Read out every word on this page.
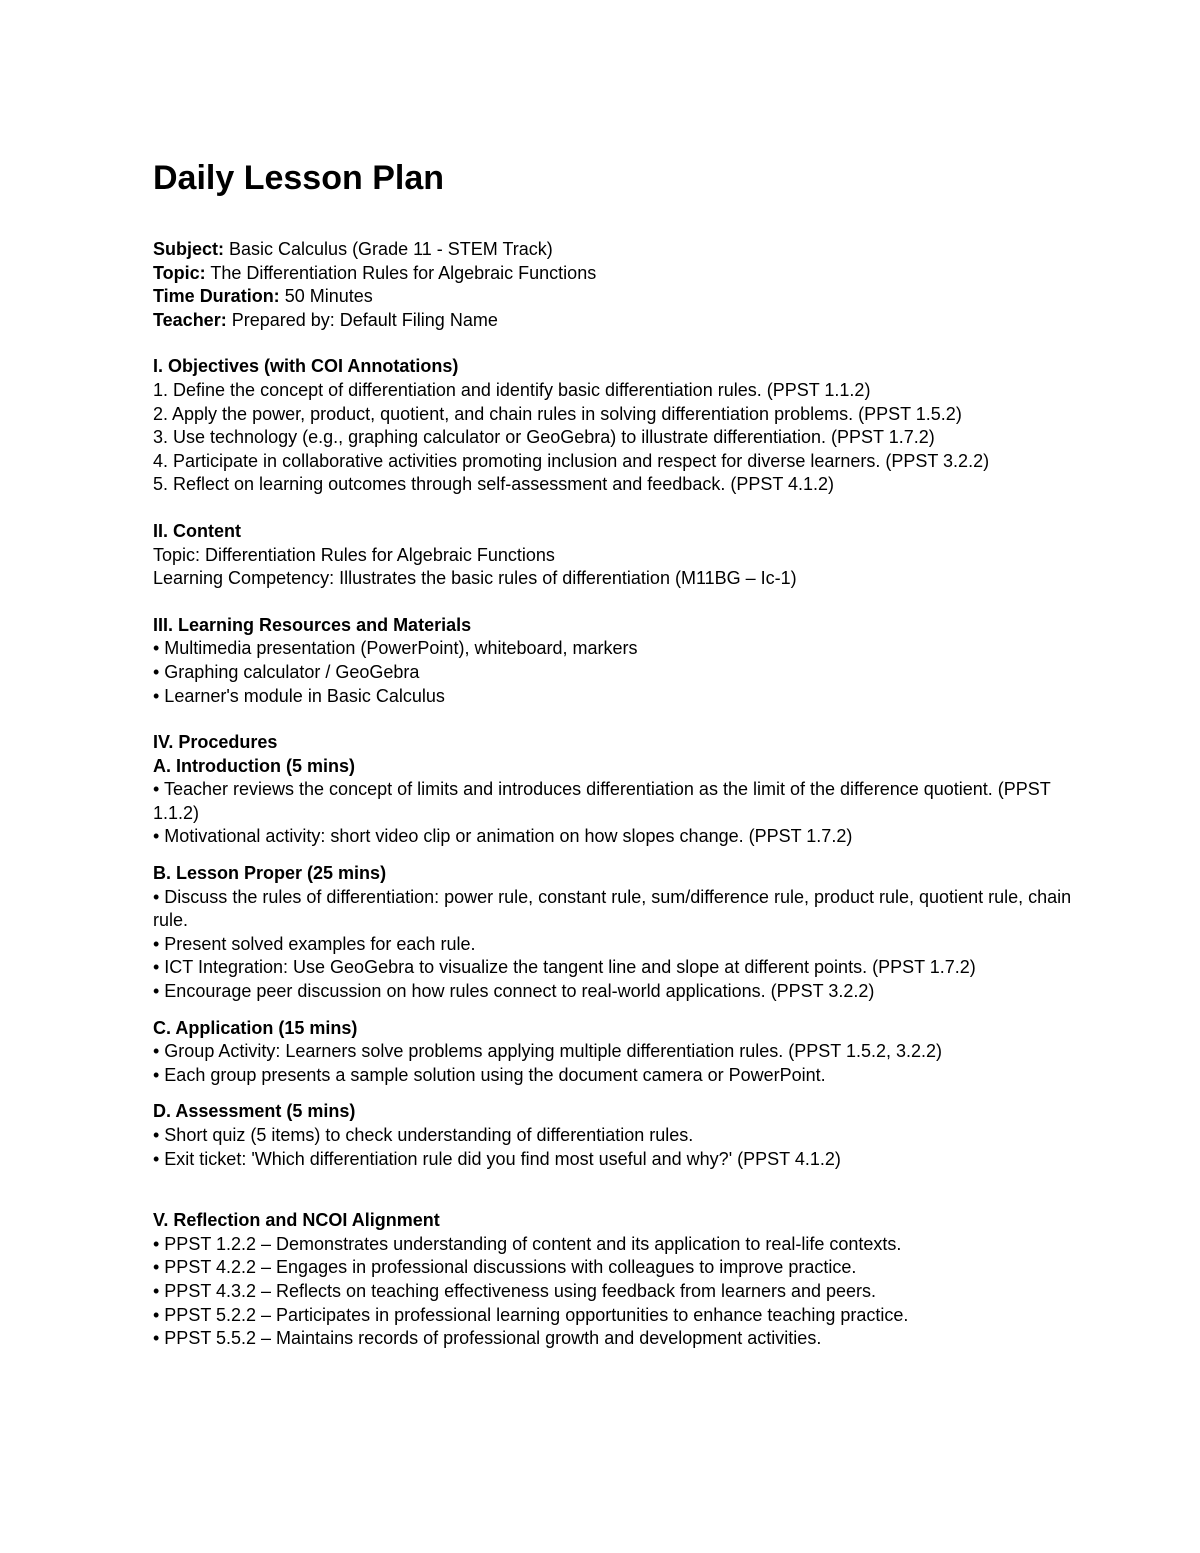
Daily Lesson Plan

Subject: Basic Calculus (Grade 11 - STEM Track)

Topic: The Differentiation Rules for Algebraic Functions

Time Duration: 50 Minutes

Teacher: Prepared by: Default Filing Name

I. Objectives (with COI Annotations)

1. Define the concept of differentiation and identify basic differentiation rules. (PPST 1.1.2)

2. Apply the power, product, quotient, and chain rules in solving differentiation problems. (PPST 1.5.2)

3. Use technology (e.g., graphing calculator or GeoGebra) to illustrate differentiation. (PPST 1.7.2)

4. Participate in collaborative activities promoting inclusion and respect for diverse learners. (PPST 3.2.2)

5. Reflect on learning outcomes through self-assessment and feedback. (PPST 4.1.2)

II. Content

Topic: Differentiation Rules for Algebraic Functions

Learning Competency: Illustrates the basic rules of differentiation (M11BG – Ic-1)

III. Learning Resources and Materials

• Multimedia presentation (PowerPoint), whiteboard, markers

• Graphing calculator / GeoGebra

• Learner's module in Basic Calculus

IV. Procedures

A. Introduction (5 mins)

• Teacher reviews the concept of limits and introduces differentiation as the limit of the difference quotient. (PPST 1.1.2)

• Motivational activity: short video clip or animation on how slopes change. (PPST 1.7.2)

B. Lesson Proper (25 mins)

• Discuss the rules of differentiation: power rule, constant rule, sum/difference rule, product rule, quotient rule, chain rule.

• Present solved examples for each rule.

• ICT Integration: Use GeoGebra to visualize the tangent line and slope at different points. (PPST 1.7.2)

• Encourage peer discussion on how rules connect to real-world applications. (PPST 3.2.2)

C. Application (15 mins)

• Group Activity: Learners solve problems applying multiple differentiation rules. (PPST 1.5.2, 3.2.2)

• Each group presents a sample solution using the document camera or PowerPoint.

D. Assessment (5 mins)

• Short quiz (5 items) to check understanding of differentiation rules.

• Exit ticket: 'Which differentiation rule did you find most useful and why?' (PPST 4.1.2)

V. Reflection and NCOI Alignment

• PPST 1.2.2 – Demonstrates understanding of content and its application to real-life contexts.

• PPST 4.2.2 – Engages in professional discussions with colleagues to improve practice.

• PPST 4.3.2 – Reflects on teaching effectiveness using feedback from learners and peers.

• PPST 5.2.2 – Participates in professional learning opportunities to enhance teaching practice.

• PPST 5.5.2 – Maintains records of professional growth and development activities.
